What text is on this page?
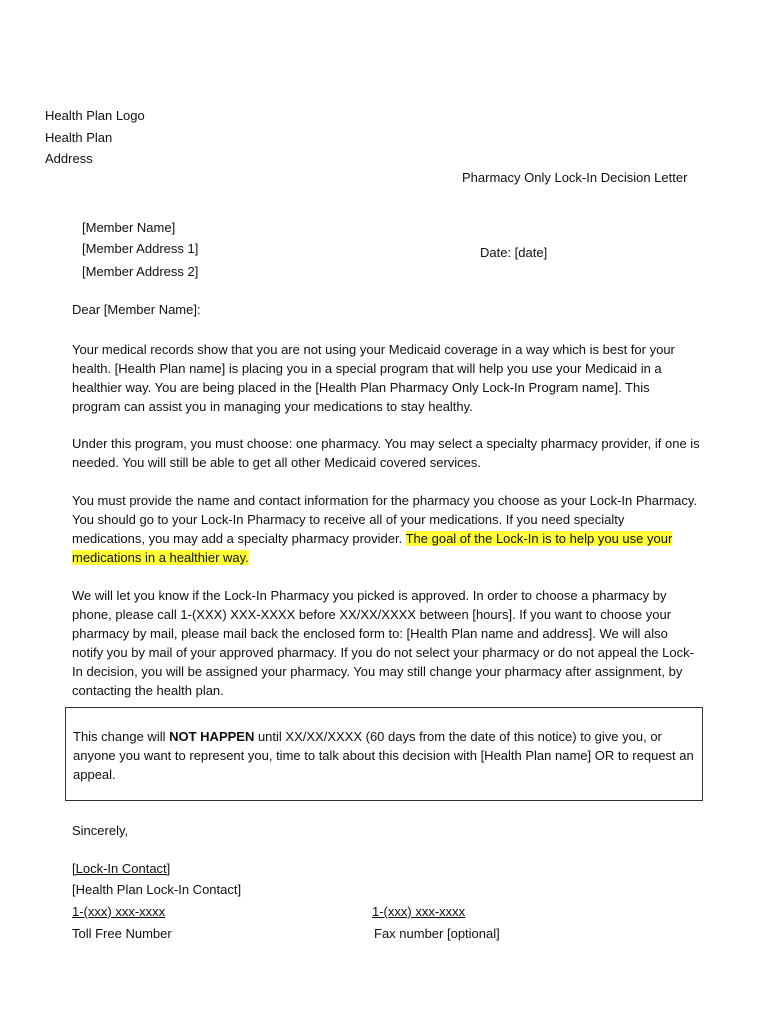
Health Plan Logo
Health Plan
Address
Pharmacy Only Lock-In Decision Letter
[Member Name]
[Member Address 1]
[Member Address 2]
Date: [date]
Dear [Member Name]:
Your medical records show that you are not using your Medicaid coverage in a way which is best for your health. [Health Plan name] is placing you in a special program that will help you use your Medicaid in a healthier way. You are being placed in the [Health Plan Pharmacy Only Lock-In Program name]. This program can assist you in managing your medications to stay healthy.
Under this program, you must choose: one pharmacy. You may select a specialty pharmacy provider, if one is needed. You will still be able to get all other Medicaid covered services.
You must provide the name and contact information for the pharmacy you choose as your Lock-In Pharmacy. You should go to your Lock-In Pharmacy to receive all of your medications. If you need specialty medications, you may add a specialty pharmacy provider. The goal of the Lock-In is to help you use your medications in a healthier way.
We will let you know if the Lock-In Pharmacy you picked is approved. In order to choose a pharmacy by phone, please call 1-(XXX) XXX-XXXX before XX/XX/XXXX between [hours]. If you want to choose your pharmacy by mail, please mail back the enclosed form to: [Health Plan name and address]. We will also notify you by mail of your approved pharmacy. If you do not select your pharmacy or do not appeal the Lock-In decision, you will be assigned your pharmacy. You may still change your pharmacy after assignment, by contacting the health plan.
This change will NOT HAPPEN until XX/XX/XXXX (60 days from the date of this notice) to give you, or anyone you want to represent you, time to talk about this decision with [Health Plan name] OR to request an appeal.
Sincerely,
[Lock-In Contact]
[Health Plan Lock-In Contact]
1-(xxx) xxx-xxxx
Toll Free Number
1-(xxx) xxx-xxxx
Fax number [optional]
